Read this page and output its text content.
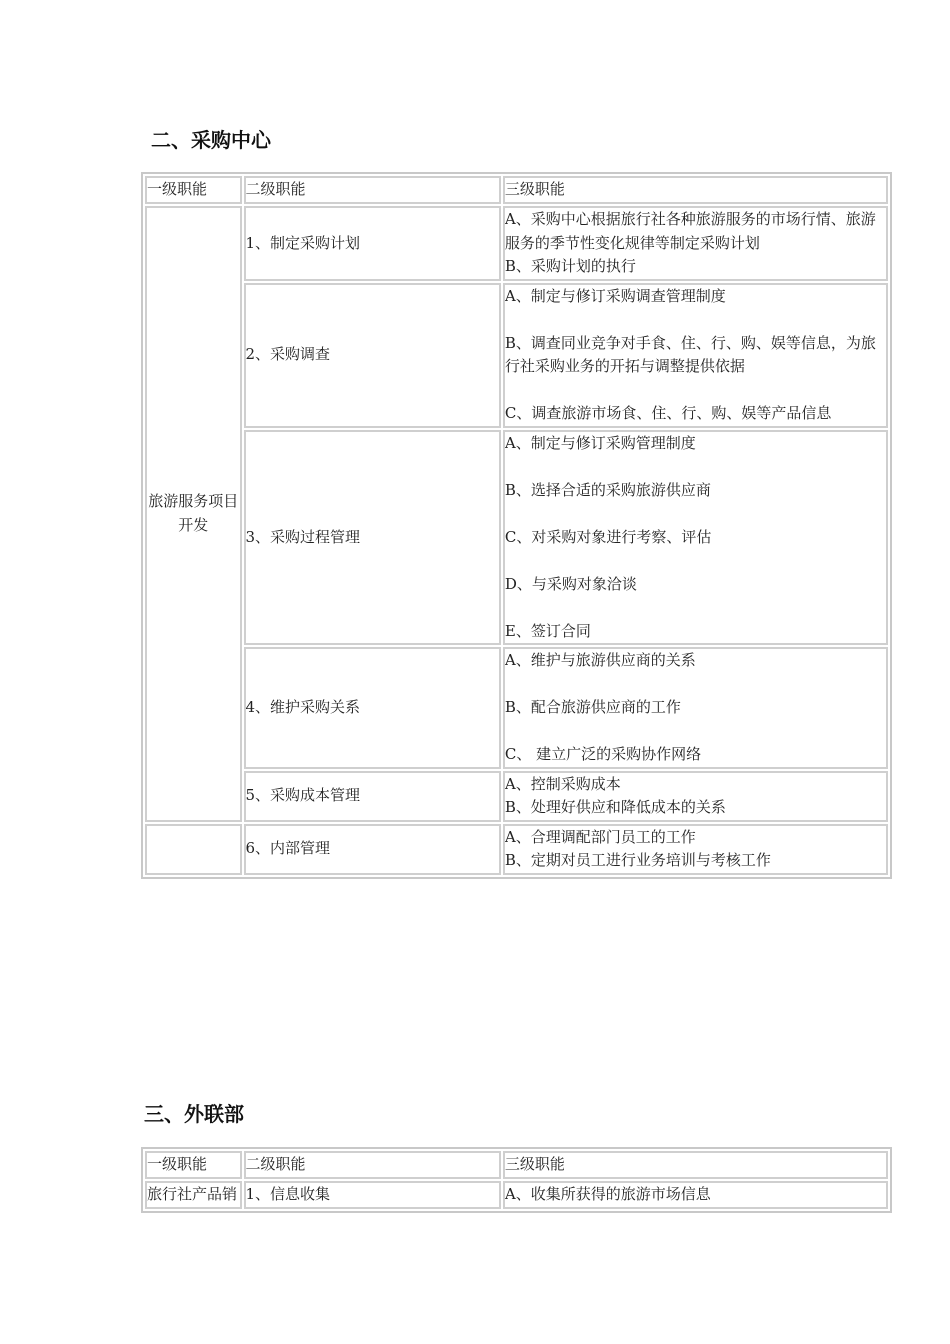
二、采购中心
一级职能	二级职能	三级职能
旅游服务项目开发	1、制定采购计划	A、采购中心根据旅行社各种旅游服务的市场行情、旅游服务的季节性变化规律等制定采购计划

B、采购计划的执行

	2、采购调查	A、制定与修订采购调查管理制度

B、调查同业竞争对手食、住、行、购、娱等信息，为旅行社采购业务的开拓与调整提供依据

C、调查旅游市场食、住、行、购、娱等产品信息

	3、采购过程管理	A、制定与修订采购管理制度

B、选择合适的采购旅游供应商

C、对采购对象进行考察、评估

D、与采购对象洽谈

E、签订合同

	4、维护采购关系	A、维护与旅游供应商的关系

B、配合旅游供应商的工作

C、 建立广泛的采购协作网络

	5、采购成本管理	A、控制采购成本

B、处理好供应和降低成本的关系

	6、内部管理	A、合理调配部门员工的工作

B、定期对员工进行业务培训与考核工作

三、外联部
一级职能	二级职能	三级职能
旅行社产品销	1、信息收集	A、收集所获得的旅游市场信息
